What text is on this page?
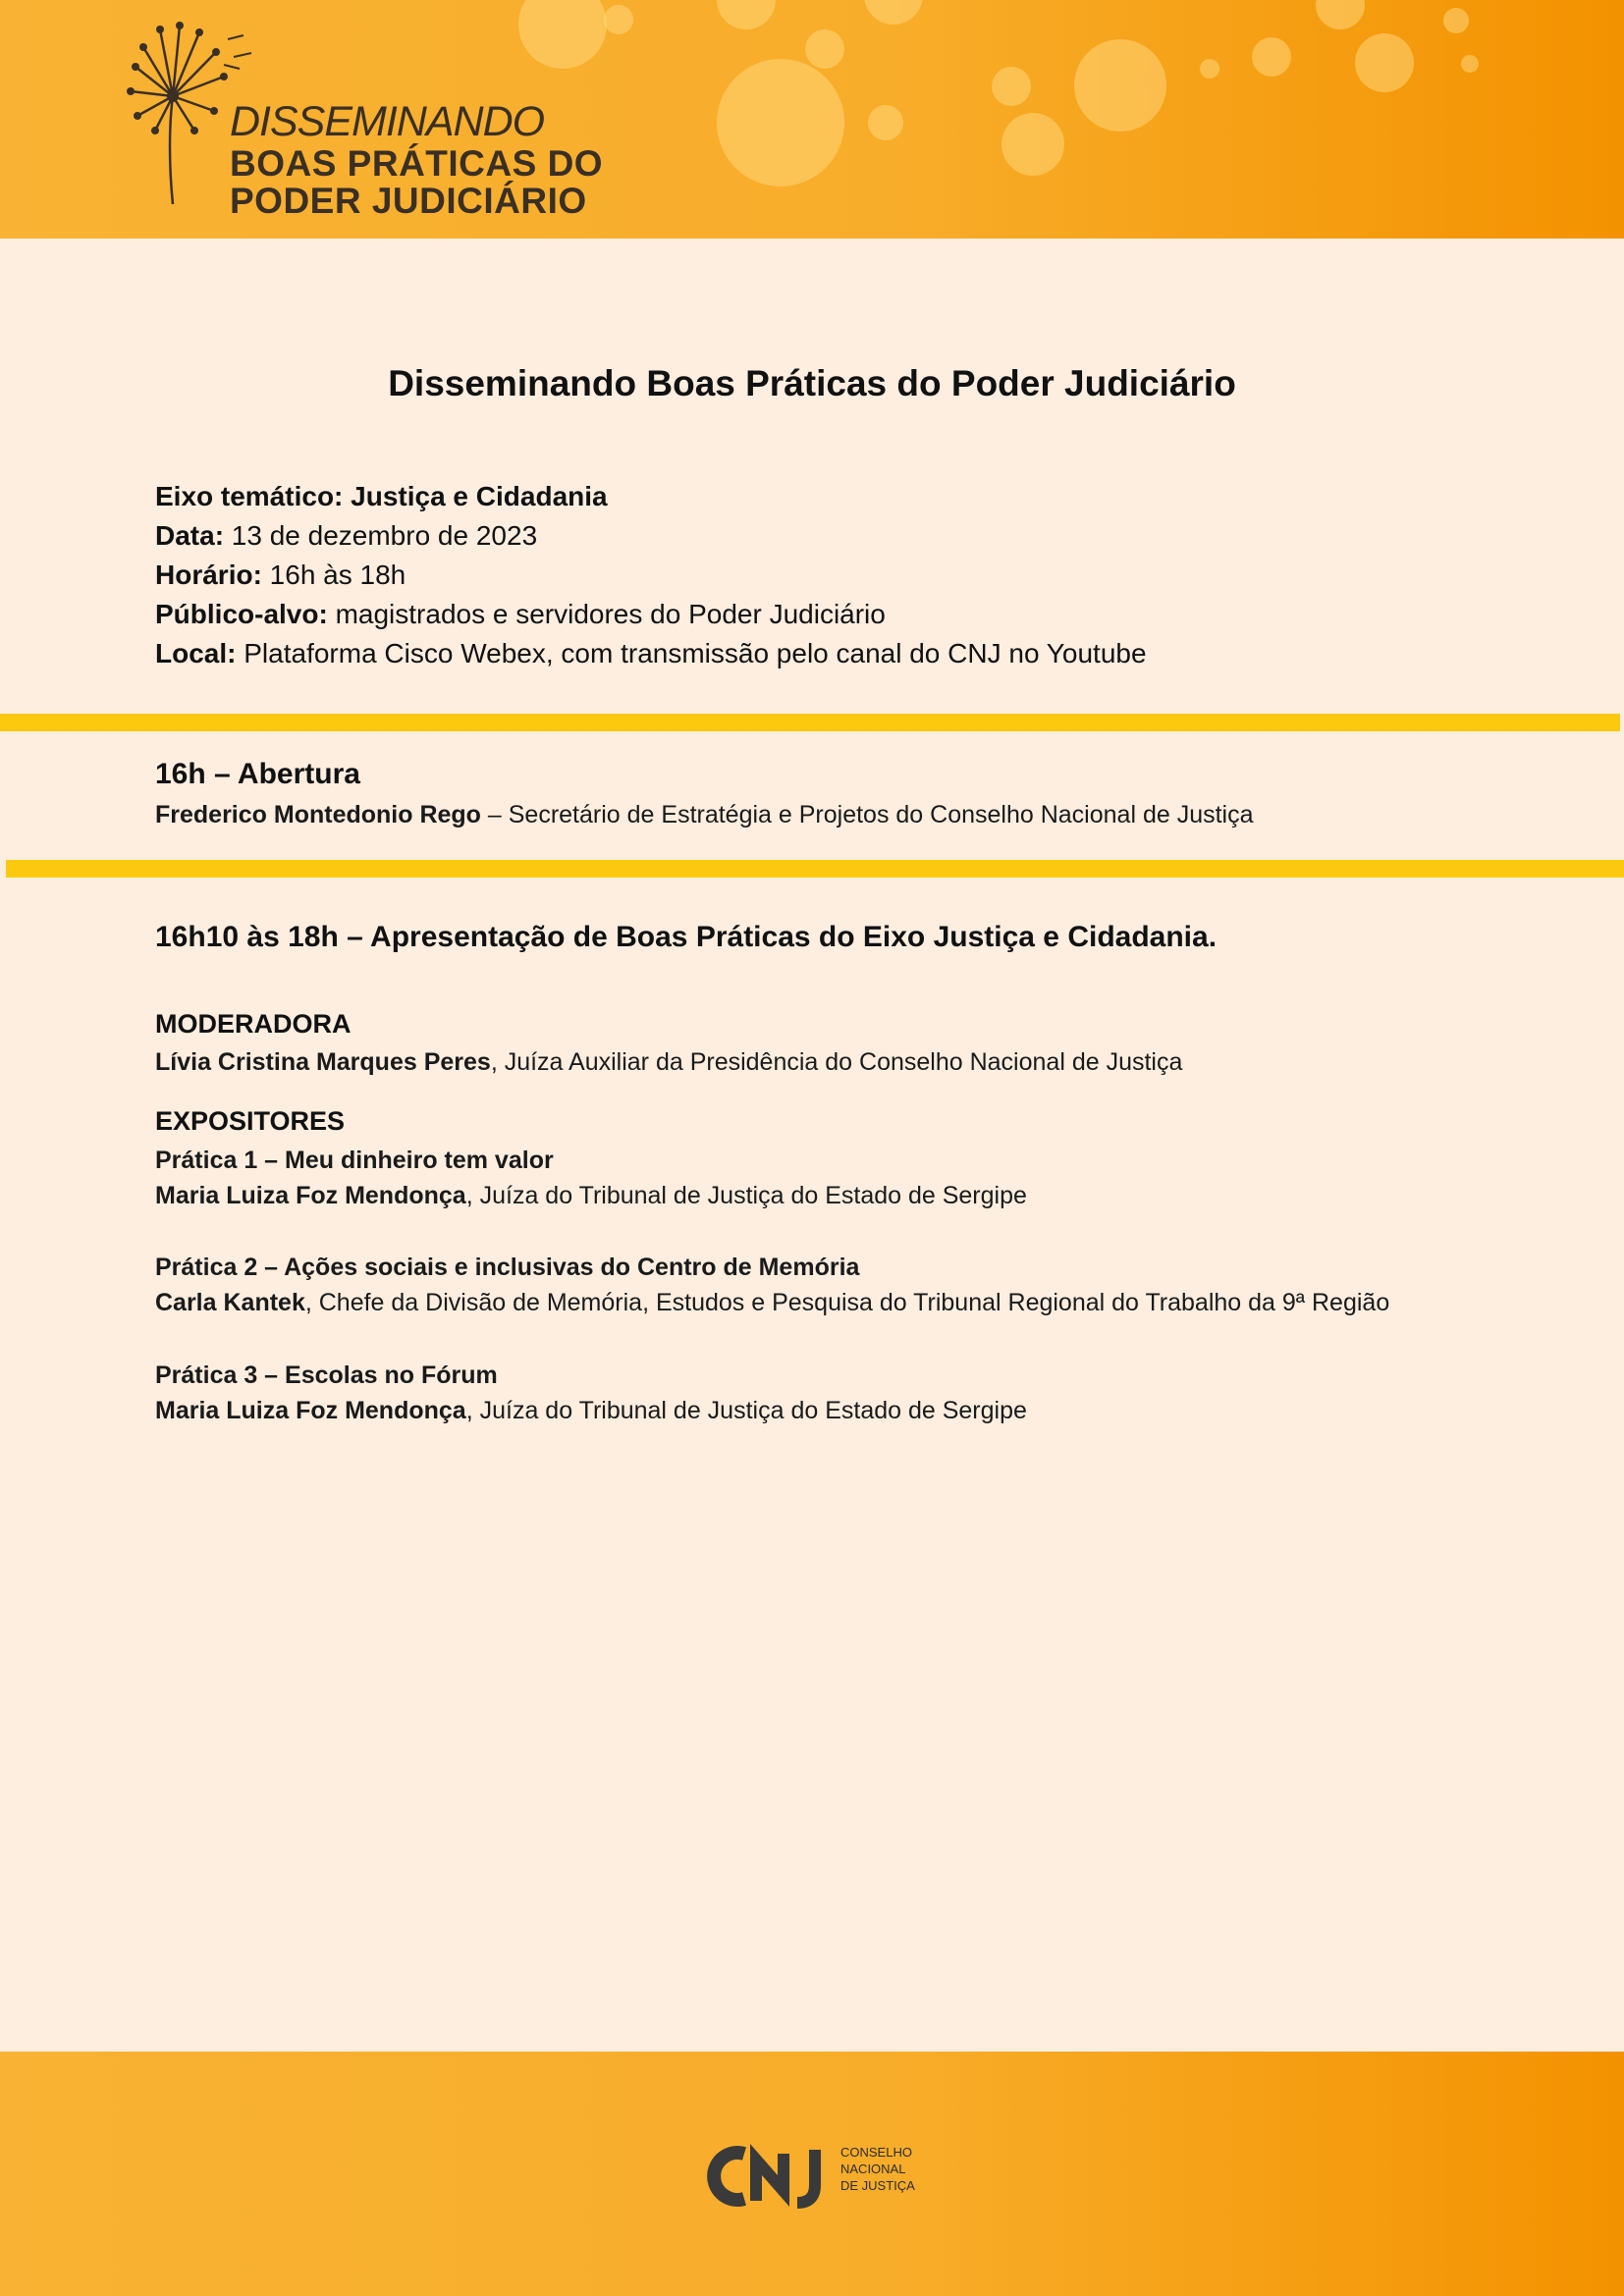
DISSEMINANDO
BOAS PRÁTICAS DO
PODER JUDICIÁRIO
Disseminando Boas Práticas do Poder Judiciário
Eixo temático: Justiça e Cidadania
Data: 13 de dezembro de 2023
Horário: 16h às 18h
Público-alvo: magistrados e servidores do Poder Judiciário
Local: Plataforma Cisco Webex, com transmissão pelo canal do CNJ no Youtube
16h – Abertura
Frederico Montedonio Rego – Secretário de Estratégia e Projetos do Conselho Nacional de Justiça
16h10 às 18h – Apresentação de Boas Práticas do Eixo Justiça e Cidadania.
MODERADORA
Lívia Cristina Marques Peres, Juíza Auxiliar da Presidência do Conselho Nacional de Justiça
EXPOSITORES
Prática 1 – Meu dinheiro tem valor
Maria Luiza Foz Mendonça, Juíza do Tribunal de Justiça do Estado de Sergipe
Prática 2 – Ações sociais e inclusivas do Centro de Memória
Carla Kantek, Chefe da Divisão de Memória, Estudos e Pesquisa do Tribunal Regional do Trabalho da 9ª Região
Prática 3 – Escolas no Fórum
Maria Luiza Foz Mendonça, Juíza do Tribunal de Justiça do Estado de Sergipe
CONSELHO
NACIONAL
DE JUSTIÇA
